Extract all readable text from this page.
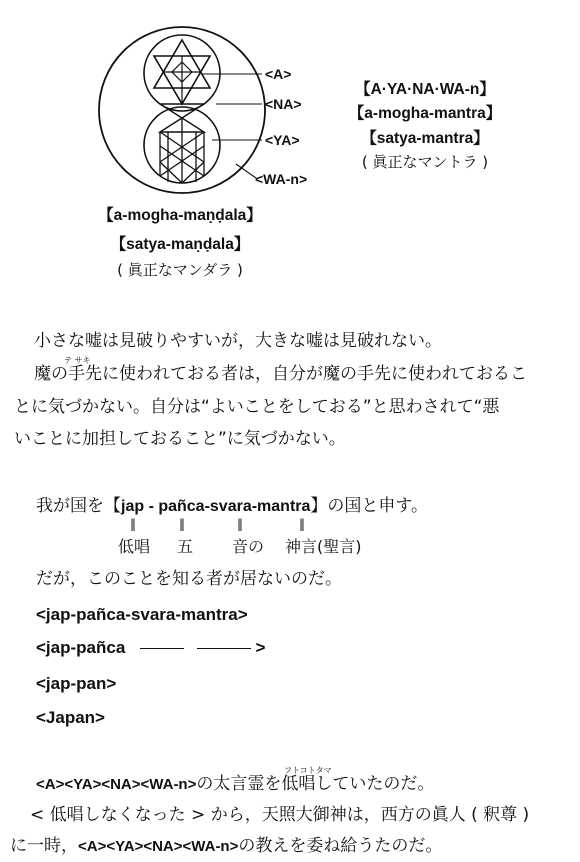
<A>
<NA>
<YA>
<WA-n>
【A·YA·NA·WA-n】
【a-mogha-mantra】
【satya-mantra】
( 眞正なマントラ )
【a-mogha-maṇḍala】
【satya-maṇḍala】
( 眞正なマンダラ )
小さな嘘は見破りやすいが，大きな嘘は見破れない。
テ サキ
魔の手先に使われておる者は，自分が魔の手先に使われておるこ
とに気づかない。自分は“よいことをしておる”と思わされて“悪
いことに加担しておること”に気づかない。
我が国を【jap - pañca-svara-mantra】の国と申す。
‖	‖	‖	‖
低唱 五 音の 神言(聖言)
だが，このことを知る者が居ないのだ。
<jap-pañca-svara-mantra>
<jap-pañca	>
<jap-pan>
<Japan>
フトコトタマ
<A><YA><NA><WA-n>の太言霊を低唱していたのだ。
< 低唱しなくなった > から，天照大御神は，西方の眞人 ( 釈尊 )
に一時，<A><YA><NA><WA-n>の教えを委ね給うたのだ。
